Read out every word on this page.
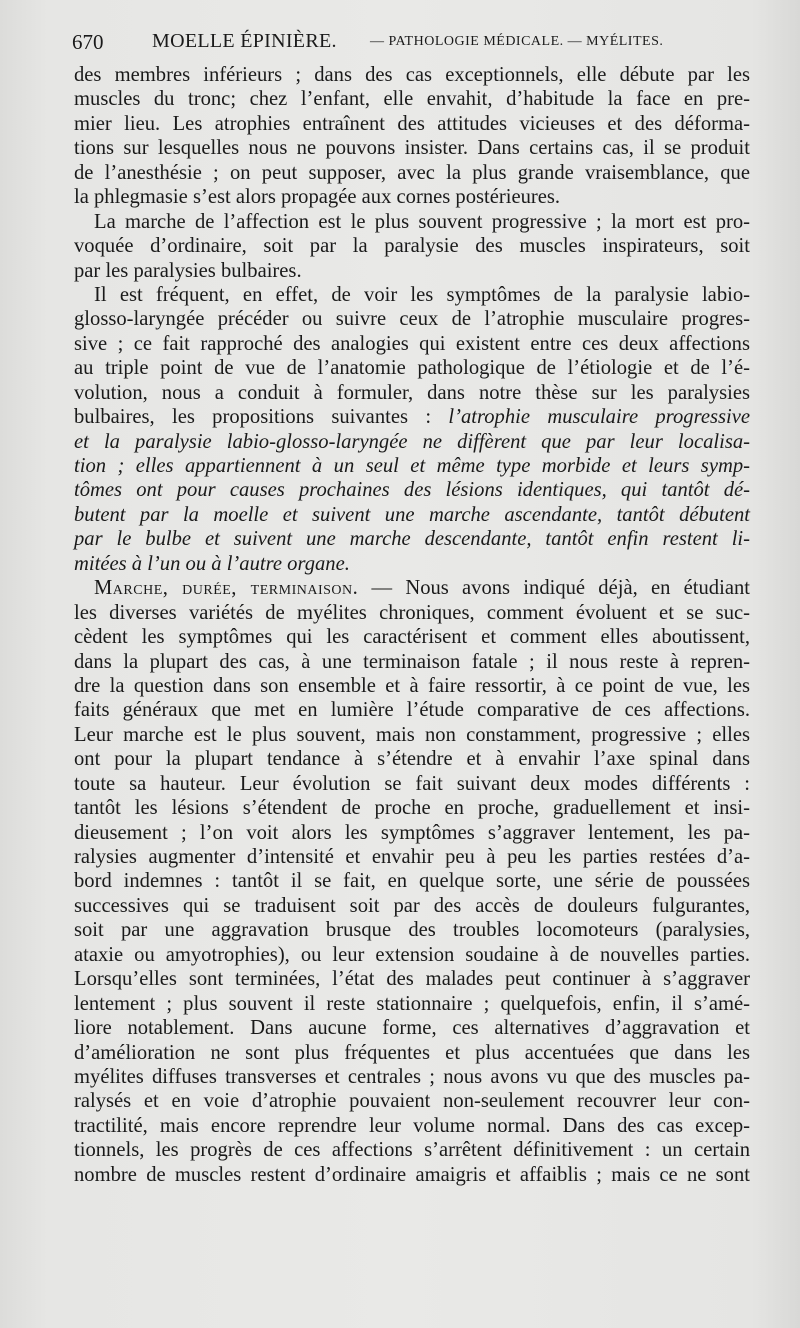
670 MOELLE ÉPINIÈRE. — PATHOLOGIE MÉDICALE. — MYÉLITES.
des membres inférieurs ; dans des cas exceptionnels, elle débute par les
muscles du tronc; chez l’enfant, elle envahit, d’habitude la face en pre-
mier lieu. Les atrophies entraînent des attitudes vicieuses et des déforma-
tions sur lesquelles nous ne pouvons insister. Dans certains cas, il se produit
de l’anesthésie ; on peut supposer, avec la plus grande vraisemblance, que
la phlegmasie s’est alors propagée aux cornes postérieures.
La marche de l’affection est le plus souvent progressive ; la mort est pro-
voquée d’ordinaire, soit par la paralysie des muscles inspirateurs, soit
par les paralysies bulbaires.
Il est fréquent, en effet, de voir les symptômes de la paralysie labio-
glosso-laryngée précéder ou suivre ceux de l’atrophie musculaire progres-
sive ; ce fait rapproché des analogies qui existent entre ces deux affections
au triple point de vue de l’anatomie pathologique de l’étiologie et de l’é-
volution, nous a conduit à formuler, dans notre thèse sur les paralysies
bulbaires, les propositions suivantes : l’atrophie musculaire progressive
et la paralysie labio-glosso-laryngée ne diffèrent que par leur localisa-
tion ; elles appartiennent à un seul et même type morbide et leurs symp-
tômes ont pour causes prochaines des lésions identiques, qui tantôt dé-
butent par la moelle et suivent une marche ascendante, tantôt débutent
par le bulbe et suivent une marche descendante, tantôt enfin restent li-
mitées à l’un ou à l’autre organe.
Marche, durée, terminaison. — Nous avons indiqué déjà, en étudiant
les diverses variétés de myélites chroniques, comment évoluent et se suc-
cèdent les symptômes qui les caractérisent et comment elles aboutissent,
dans la plupart des cas, à une terminaison fatale ; il nous reste à repren-
dre la question dans son ensemble et à faire ressortir, à ce point de vue, les
faits généraux que met en lumière l’étude comparative de ces affections.
Leur marche est le plus souvent, mais non constamment, progressive ; elles
ont pour la plupart tendance à s’étendre et à envahir l’axe spinal dans
toute sa hauteur. Leur évolution se fait suivant deux modes différents :
tantôt les lésions s’étendent de proche en proche, graduellement et insi-
dieusement ; l’on voit alors les symptômes s’aggraver lentement, les pa-
ralysies augmenter d’intensité et envahir peu à peu les parties restées d’a-
bord indemnes : tantôt il se fait, en quelque sorte, une série de poussées
successives qui se traduisent soit par des accès de douleurs fulgurantes,
soit par une aggravation brusque des troubles locomoteurs (paralysies,
ataxie ou amyotrophies), ou leur extension soudaine à de nouvelles parties.
Lorsqu’elles sont terminées, l’état des malades peut continuer à s’aggraver
lentement ; plus souvent il reste stationnaire ; quelquefois, enfin, il s’amé-
liore notablement. Dans aucune forme, ces alternatives d’aggravation et
d’amélioration ne sont plus fréquentes et plus accentuées que dans les
myélites diffuses transverses et centrales ; nous avons vu que des muscles pa-
ralysés et en voie d’atrophie pouvaient non-seulement recouvrer leur con-
tractilité, mais encore reprendre leur volume normal. Dans des cas excep-
tionnels, les progrès de ces affections s’arrêtent définitivement : un certain
nombre de muscles restent d’ordinaire amaigris et affaiblis ; mais ce ne sont
